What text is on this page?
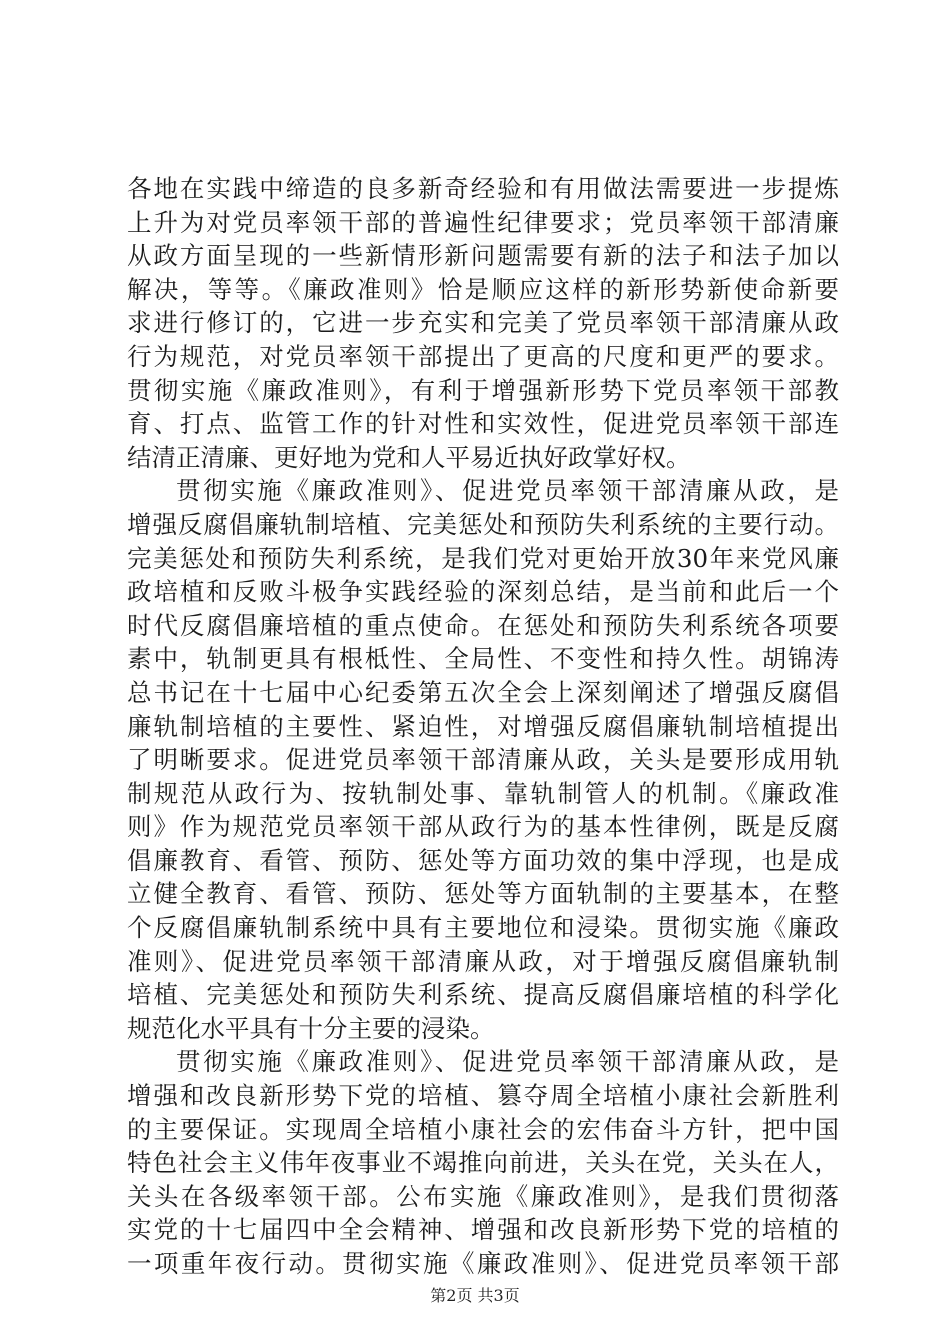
各地在实践中缔造的良多新奇经验和有用做法需要进一步提炼
上升为对党员率领干部的普遍性纪律要求；党员率领干部清廉
从政方面呈现的一些新情形新问题需要有新的法子和法子加以
解决，等等。《廉政准则》恰是顺应这样的新形势新使命新要
求进行修订的，它进一步充实和完美了党员率领干部清廉从政
行为规范，对党员率领干部提出了更高的尺度和更严的要求。
贯彻实施《廉政准则》，有利于增强新形势下党员率领干部教
育、打点、监管工作的针对性和实效性，促进党员率领干部连
结清正清廉、更好地为党和人平易近执好政掌好权。
贯彻实施《廉政准则》、促进党员率领干部清廉从政，是
增强反腐倡廉轨制培植、完美惩处和预防失利系统的主要行动。
完美惩处和预防失利系统，是我们党对更始开放30年来党风廉
政培植和反败斗极争实践经验的深刻总结，是当前和此后一个
时代反腐倡廉培植的重点使命。在惩处和预防失利系统各项要
素中，轨制更具有根柢性、全局性、不变性和持久性。胡锦涛
总书记在十七届中心纪委第五次全会上深刻阐述了增强反腐倡
廉轨制培植的主要性、紧迫性，对增强反腐倡廉轨制培植提出
了明晰要求。促进党员率领干部清廉从政，关头是要形成用轨
制规范从政行为、按轨制处事、靠轨制管人的机制。《廉政准
则》作为规范党员率领干部从政行为的基本性律例，既是反腐
倡廉教育、看管、预防、惩处等方面功效的集中浮现，也是成
立健全教育、看管、预防、惩处等方面轨制的主要基本，在整
个反腐倡廉轨制系统中具有主要地位和浸染。贯彻实施《廉政
准则》、促进党员率领干部清廉从政，对于增强反腐倡廉轨制
培植、完美惩处和预防失利系统、提高反腐倡廉培植的科学化
规范化水平具有十分主要的浸染。
贯彻实施《廉政准则》、促进党员率领干部清廉从政，是
增强和改良新形势下党的培植、篡夺周全培植小康社会新胜利
的主要保证。实现周全培植小康社会的宏伟奋斗方针，把中国
特色社会主义伟年夜事业不竭推向前进，关头在党，关头在人，
关头在各级率领干部。公布实施《廉政准则》，是我们贯彻落
实党的十七届四中全会精神、增强和改良新形势下党的培植的
一项重年夜行动。贯彻实施《廉政准则》、促进党员率领干部
第2页 共3页
